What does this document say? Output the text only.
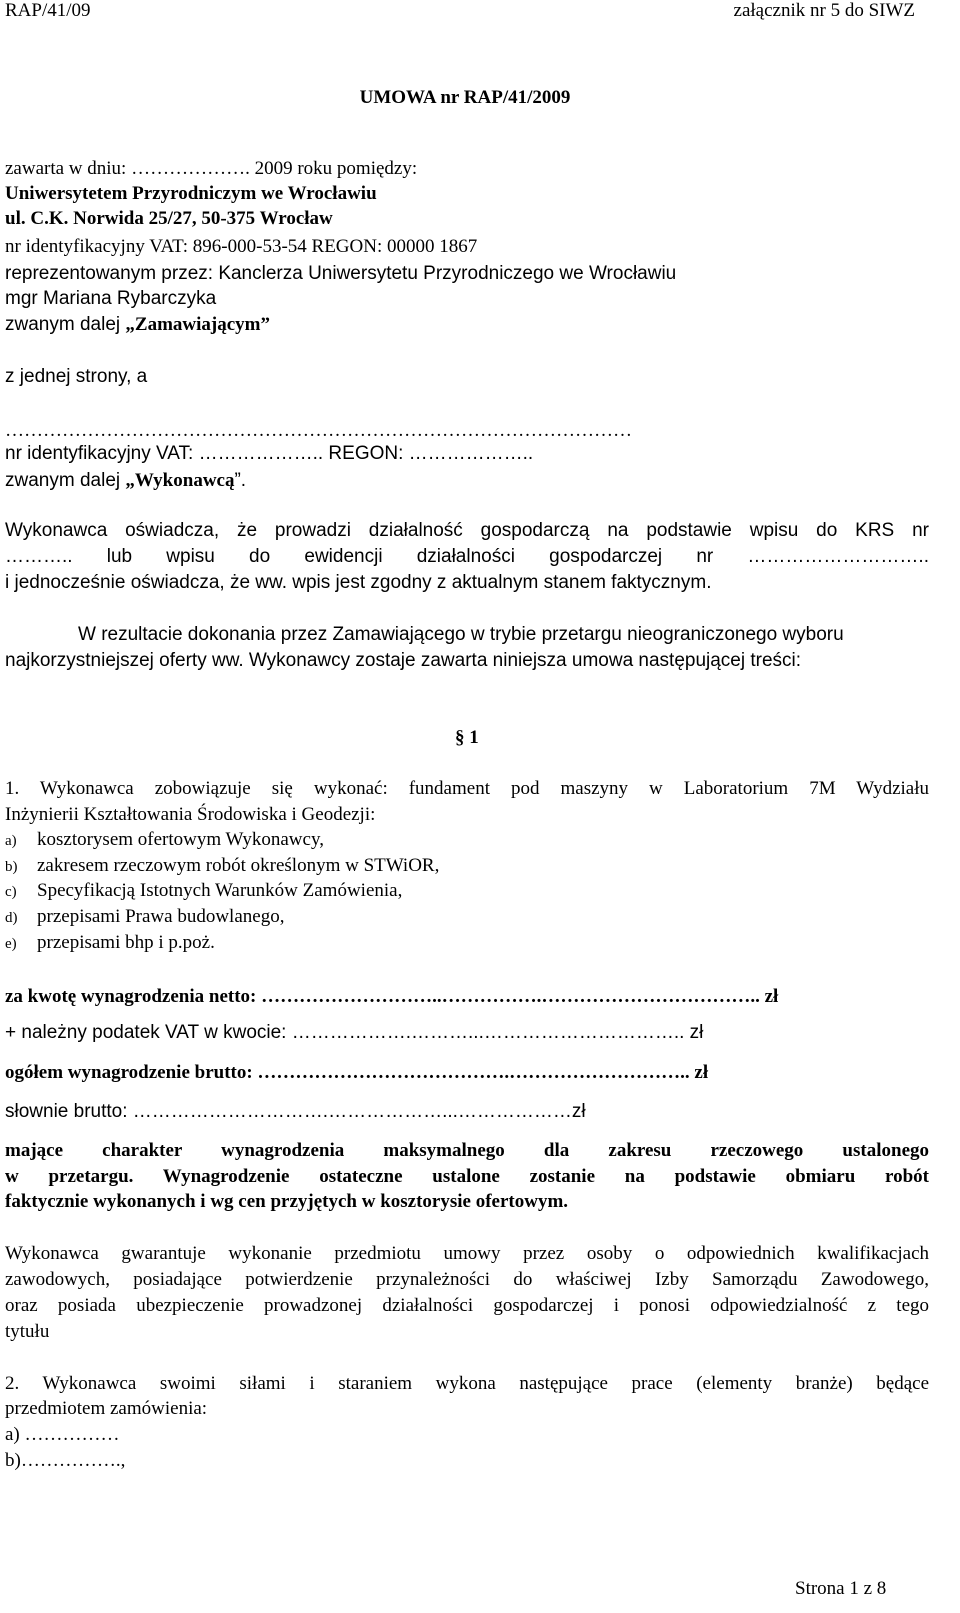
RAP/41/09	załącznik nr 5 do SIWZ
UMOWA nr RAP/41/2009
zawarta w dniu: ………………. 2009 roku pomiędzy:
Uniwersytetem Przyrodniczym we Wrocławiu
ul. C.K. Norwida 25/27, 50-375 Wrocław
nr identyfikacyjny VAT: 896-000-53-54 REGON: 00000 1867
reprezentowanym przez: Kanclerza Uniwersytetu Przyrodniczego we Wrocławiu
mgr Mariana Rybarczyka
zwanym dalej „Zamawiającym”
z jednej strony, a
………………………………………………………………………………………
nr identyfikacyjny VAT: ……………….. REGON: ………………..
zwanym dalej „Wykonawcą”.
Wykonawca oświadcza, że prowadzi działalność gospodarczą na podstawie wpisu do KRS nr
……….. lub wpisu do ewidencji działalności gospodarczej nr ………………………..
i jednocześnie oświadcza, że ww. wpis jest zgodny z aktualnym stanem faktycznym.
W rezultacie dokonania przez Zamawiającego w trybie przetargu nieograniczonego wyboru
najkorzystniejszej oferty ww. Wykonawcy zostaje zawarta niniejsza umowa następującej treści:
§ 1
1. Wykonawca zobowiązuje się wykonać: fundament pod maszyny w Laboratorium 7M Wydziału
Inżynierii Kształtowania Środowiska i Geodezji:
a) kosztorysem ofertowym Wykonawcy,
b) zakresem rzeczowym robót określonym w STWiOR,
c) Specyfikacją Istotnych Warunków Zamówienia,
d) przepisami Prawa budowlanego,
e) przepisami bhp i p.poż.
za kwotę wynagrodzenia netto: ………………………..…………….…………………………….. zł
+ należny podatek VAT w kwocie: ……………….………...………………………….. zł
ogółem wynagrodzenie brutto: ………………………………….……………………….. zł
słownie brutto: ………………………….………………...………………zł
mające charakter wynagrodzenia maksymalnego dla zakresu rzeczowego ustalonego
w przetargu. Wynagrodzenie ostateczne ustalone zostanie na podstawie obmiaru robót
faktycznie wykonanych i wg cen przyjętych w kosztorysie ofertowym.
Wykonawca gwarantuje wykonanie przedmiotu umowy przez osoby o odpowiednich kwalifikacjach
zawodowych, posiadające potwierdzenie przynależności do właściwej Izby Samorządu Zawodowego,
oraz posiada ubezpieczenie prowadzonej działalności gospodarczej i ponosi odpowiedzialność z tego
tytułu
2. Wykonawca swoimi siłami i staraniem wykona następujące prace (elementy branże) będące
przedmiotem zamówienia:
a) ……………
b)…………….,
Strona 1 z 8
